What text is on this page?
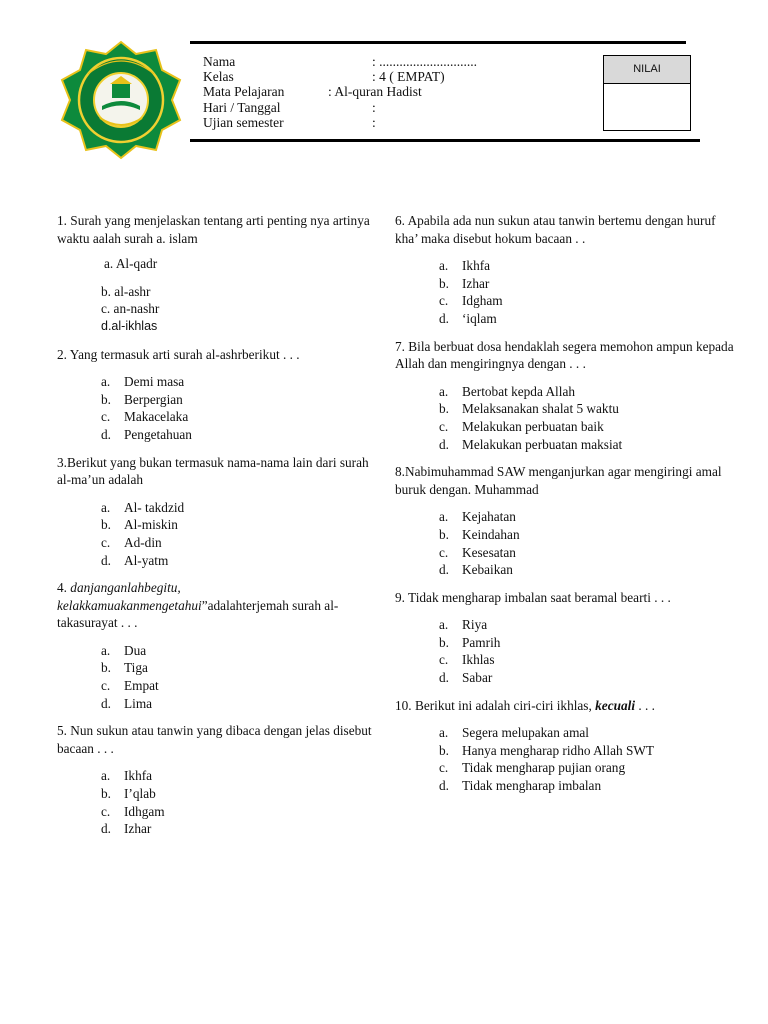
Nama	: .............................
Kelas	: 4 ( EMPAT)
Mata Pelajaran	: Al-quran Hadist
Hari / Tanggal	:
Ujian semester	:
NILAI

1. Surah yang menjelaskan tentang arti penting nya artinya waktu aalah surah a. islam

a. Al-qadr
b. al-ashr
c. an-nashr
d.al-ikhlas

2. Yang termasuk arti surah al-ashrberikut . . .

a. Demi masa
b. Berpergian
c. Makacelaka
d. Pengetahuan

3.Berikut yang bukan termasuk nama-nama lain dari surah al-ma’un adalah

a. Al- takdzid
b. Al-miskin
c. Ad-din
d. Al-yatm

4. danjanganlahbegitu, kelakkamuakanmengetahui”adalahterjemah surah al-takasurayat . . .

a. Dua
b. Tiga
c. Empat
d. Lima

5. Nun sukun atau tanwin yang dibaca dengan jelas disebut bacaan . . .

a. Ikhfa
b. I’qlab
c. Idhgam
d. Izhar

6. Apabila ada nun sukun atau tanwin bertemu dengan huruf kha’ maka disebut hokum bacaan . .

a. Ikhfa
b. Izhar
c. Idgham
d. ‘iqlam

7. Bila berbuat dosa hendaklah segera memohon ampun kepada Allah dan mengiringnya dengan . . .

a. Bertobat kepda Allah
b. Melaksanakan shalat 5 waktu
c. Melakukan perbuatan baik
d. Melakukan perbuatan maksiat

8.Nabimuhammad SAW menganjurkan agar mengiringi amal buruk dengan. Muhammad

a. Kejahatan
b. Keindahan
c. Kesesatan
d. Kebaikan

9. Tidak mengharap imbalan saat beramal bearti . . .

a. Riya
b. Pamrih
c. Ikhlas
d. Sabar

10. Berikut ini adalah ciri-ciri ikhlas, kecuali . . .

a. Segera melupakan amal
b. Hanya mengharap ridho Allah SWT
c. Tidak mengharap pujian orang
d. Tidak mengharap imbalan
